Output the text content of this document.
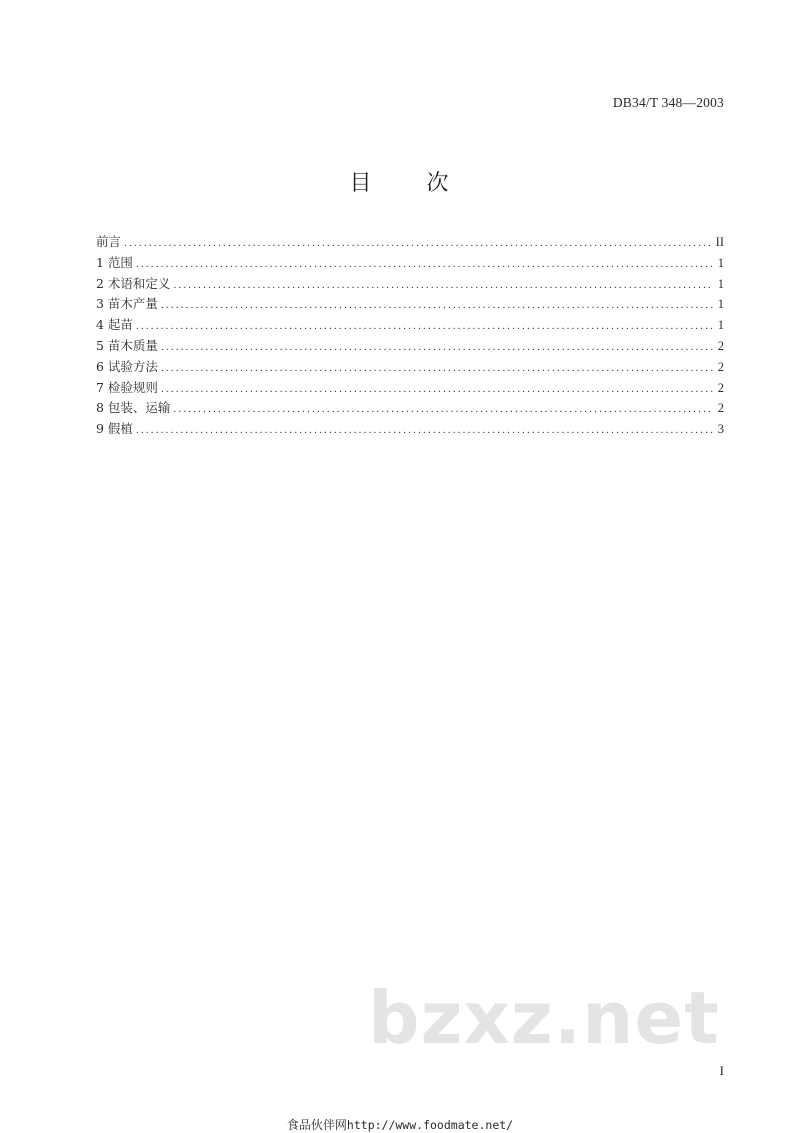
DB34/T 348—2003
目 次
前言 .....	II
1 范围 .....	1
2 术语和定义 .....	1
3 苗木产量 .....	1
4 起苗 .....	1
5 苗木质量 .....	2
6 试验方法 .....	2
7 检验规则 .....	2
8 包装、运输 .....	2
9 假植 .....	3
bzxz.net
I
食品伙伴网http://www.foodmate.net/
